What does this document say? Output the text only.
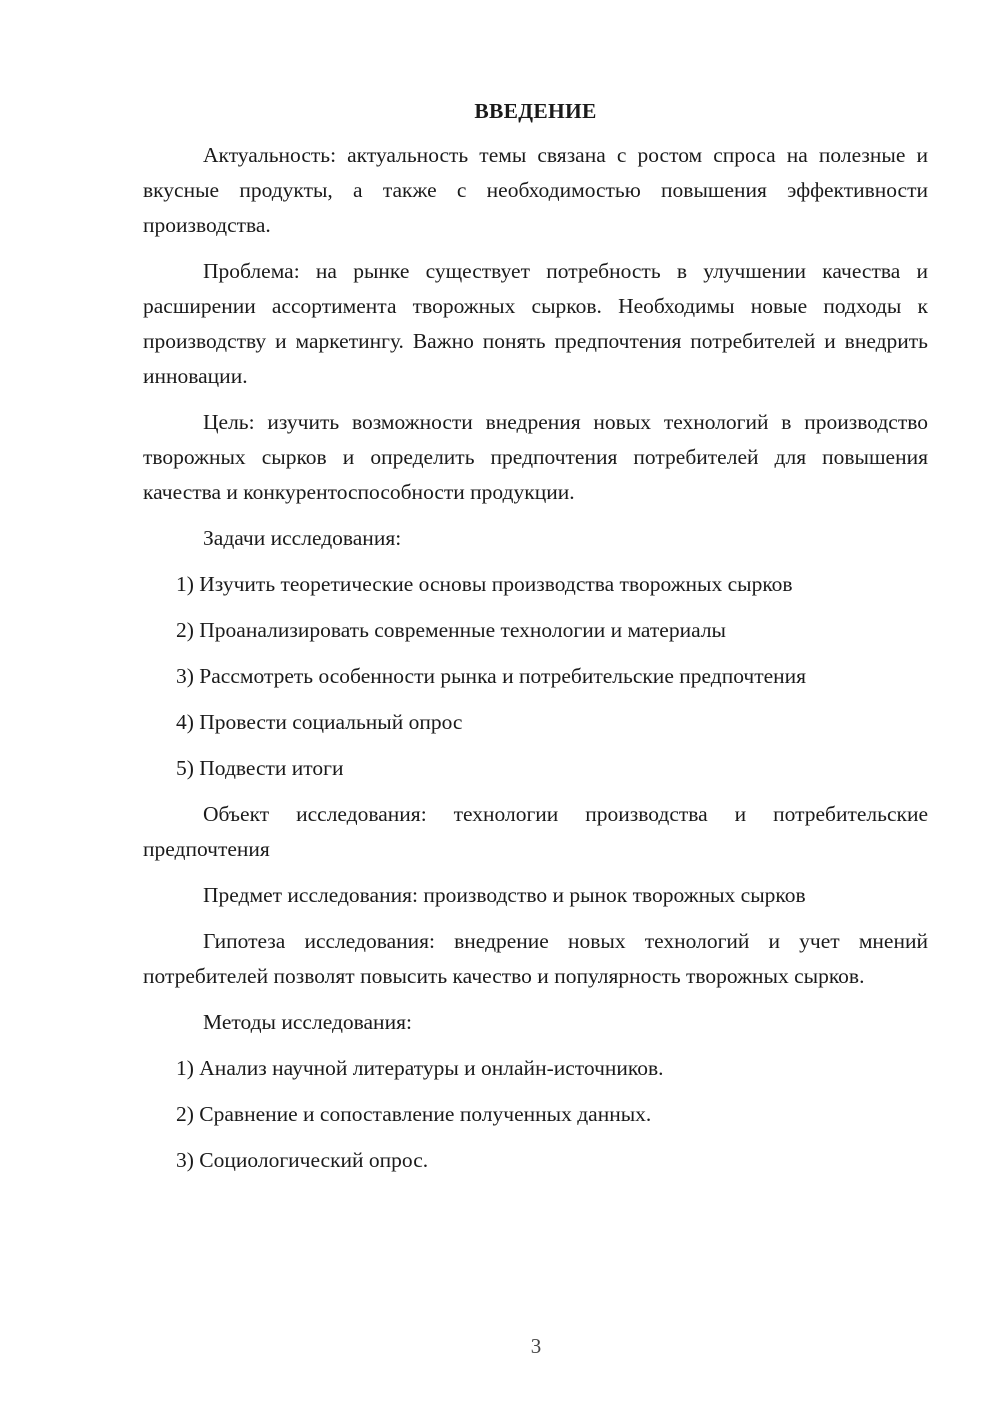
ВВЕДЕНИЕ

Актуальность: актуальность темы связана с ростом спроса на полезные и вкусные продукты, а также с необходимостью повышения эффективности производства.

Проблема: на рынке существует потребность в улучшении качества и расширении ассортимента творожных сырков. Необходимы новые подходы к производству и маркетингу. Важно понять предпочтения потребителей и внедрить инновации.

Цель: изучить возможности внедрения новых технологий в производство творожных сырков и определить предпочтения потребителей для повышения качества и конкурентоспособности продукции.

Задачи исследования:

1) Изучить теоретические основы производства творожных сырков

2) Проанализировать современные технологии и материалы

3) Рассмотреть особенности рынка и потребительские предпочтения

4) Провести социальный опрос

5) Подвести итоги

Объект исследования: технологии производства и потребительские предпочтения

Предмет исследования: производство и рынок творожных сырков

Гипотеза исследования: внедрение новых технологий и учет мнений потребителей позволят повысить качество и популярность творожных сырков.

Методы исследования:

1) Анализ научной литературы и онлайн-источников.

2) Сравнение и сопоставление полученных данных.

3) Социологический опрос.

3
